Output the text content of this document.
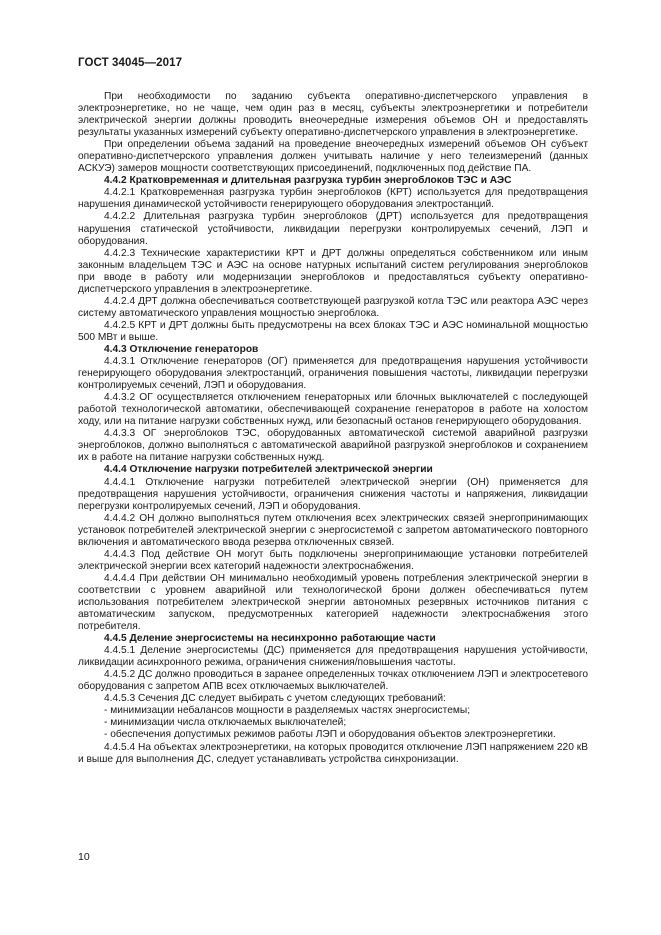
ГОСТ 34045—2017

При необходимости по заданию субъекта оперативно-диспетчерского управления в электроэнергетике, но не чаще, чем один раз в месяц, субъекты электроэнергетики и потребители электрической энергии должны проводить внеочередные измерения объемов ОН и предоставлять результаты указанных измерений субъекту оперативно-диспетчерского управления в электроэнергетике.

При определении объема заданий на проведение внеочередных измерений объемов ОН субъект оперативно-диспетчерского управления должен учитывать наличие у него телеизмерений (данных АСКУЭ) замеров мощности соответствующих присоединений, подключенных под действие ПА.

4.4.2 Кратковременная и длительная разгрузка турбин энергоблоков ТЭС и АЭС

4.4.2.1 Кратковременная разгрузка турбин энергоблоков (КРТ) используется для предотвращения нарушения динамической устойчивости генерирующего оборудования электростанций.

4.4.2.2 Длительная разгрузка турбин энергоблоков (ДРТ) используется для предотвращения нарушения статической устойчивости, ликвидации перегрузки контролируемых сечений, ЛЭП и оборудования.

4.4.2.3 Технические характеристики КРТ и ДРТ должны определяться собственником или иным законным владельцем ТЭС и АЭС на основе натурных испытаний систем регулирования энергоблоков при вводе в работу или модернизации энергоблоков и предоставляться субъекту оперативно-диспетчерского управления в электроэнергетике.

4.4.2.4 ДРТ должна обеспечиваться соответствующей разгрузкой котла ТЭС или реактора АЭС через систему автоматического управления мощностью энергоблока.

4.4.2.5 КРТ и ДРТ должны быть предусмотрены на всех блоках ТЭС и АЭС номинальной мощностью 500 МВт и выше.

4.4.3 Отключение генераторов

4.4.3.1 Отключение генераторов (ОГ) применяется для предотвращения нарушения устойчивости генерирующего оборудования электростанций, ограничения повышения частоты, ликвидации перегрузки контролируемых сечений, ЛЭП и оборудования.

4.4.3.2 ОГ осуществляется отключением генераторных или блочных выключателей с последующей работой технологической автоматики, обеспечивающей сохранение генераторов в работе на холостом ходу, или на питание нагрузки собственных нужд, или безопасный останов генерирующего оборудования.

4.4.3.3 ОГ энергоблоков ТЭС, оборудованных автоматической системой аварийной разгрузки энергоблоков, должно выполняться с автоматической аварийной разгрузкой энергоблоков и сохранением их в работе на питание нагрузки собственных нужд.

4.4.4 Отключение нагрузки потребителей электрической энергии

4.4.4.1 Отключение нагрузки потребителей электрической энергии (ОН) применяется для предотвращения нарушения устойчивости, ограничения снижения частоты и напряжения, ликвидации перегрузки контролируемых сечений, ЛЭП и оборудования.

4.4.4.2 ОН должно выполняться путем отключения всех электрических связей энергопринимающих установок потребителей электрической энергии с энергосистемой с запретом автоматического повторного включения и автоматического ввода резерва отключенных связей.

4.4.4.3 Под действие ОН могут быть подключены энергопринимающие установки потребителей электрической энергии всех категорий надежности электроснабжения.

4.4.4.4 При действии ОН минимально необходимый уровень потребления электрической энергии в соответствии с уровнем аварийной или технологической брони должен обеспечиваться путем использования потребителем электрической энергии автономных резервных источников питания с автоматическим запуском, предусмотренных категорией надежности электроснабжения этого потребителя.

4.4.5 Деление энергосистемы на несинхронно работающие части

4.4.5.1 Деление энергосистемы (ДС) применяется для предотвращения нарушения устойчивости, ликвидации асинхронного режима, ограничения снижения/повышения частоты.

4.4.5.2 ДС должно проводиться в заранее определенных точках отключением ЛЭП и электросетевого оборудования с запретом АПВ всех отключаемых выключателей.

4.4.5.3 Сечения ДС следует выбирать с учетом следующих требований:

- минимизации небалансов мощности в разделяемых частях энергосистемы;

- минимизации числа отключаемых выключателей;

- обеспечения допустимых режимов работы ЛЭП и оборудования объектов электроэнергетики.

4.4.5.4 На объектах электроэнергетики, на которых проводится отключение ЛЭП напряжением 220 кВ и выше для выполнения ДС, следует устанавливать устройства синхронизации.

10
